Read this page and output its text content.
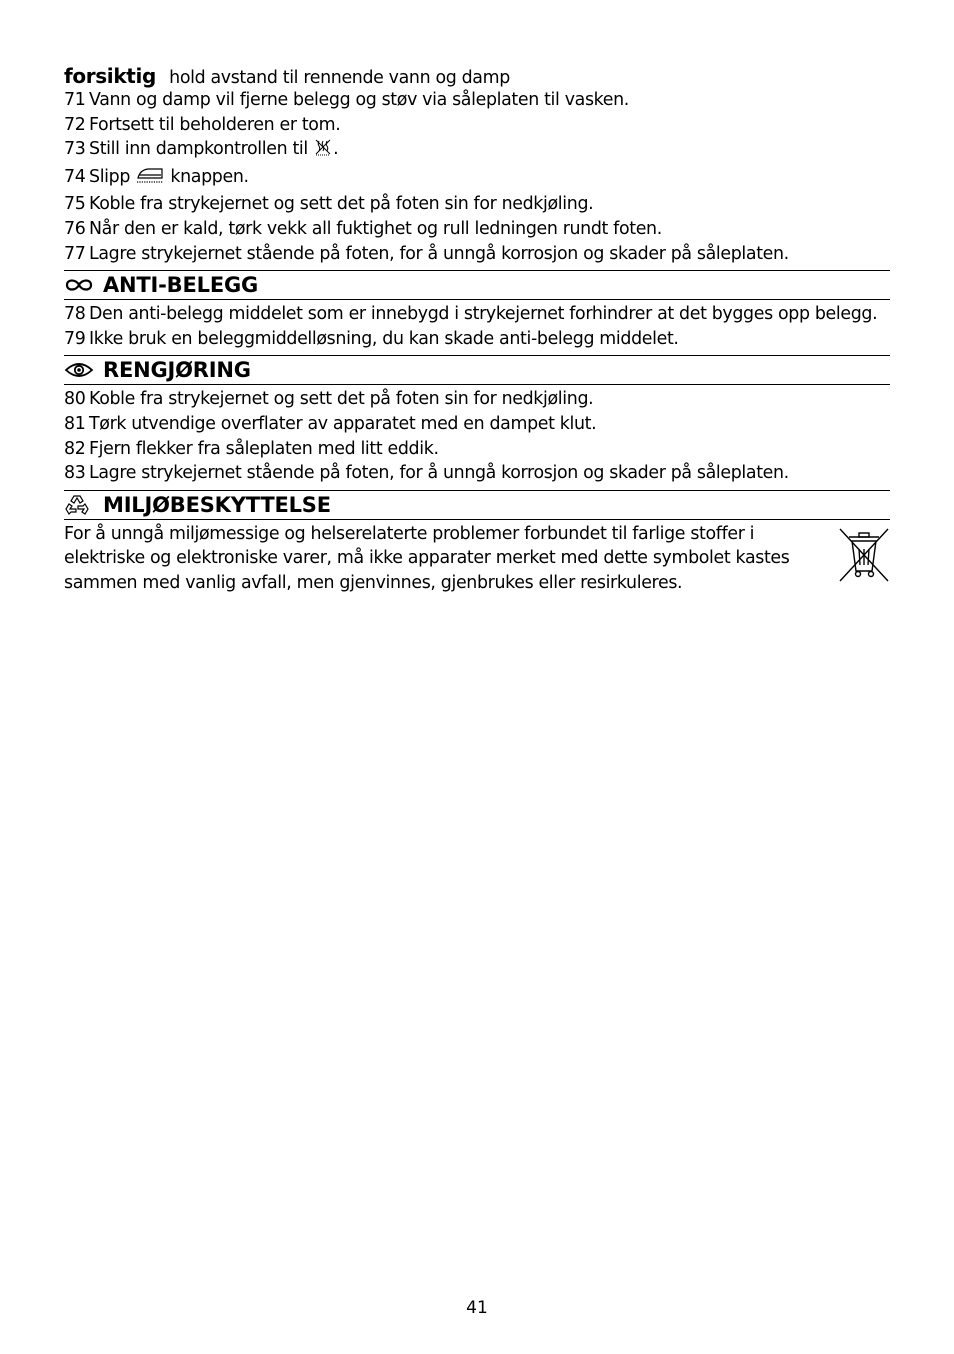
forsiktig hold avstand til rennende vann og damp
71 Vann og damp vil fjerne belegg og støv via såleplaten til vasken.
72 Fortsett til beholderen er tom.
73 Still inn dampkontrollen til .
74 Slipp  knappen.
75 Koble fra strykejernet og sett det på foten sin for nedkjøling.
76 Når den er kald, tørk vekk all fuktighet og rull ledningen rundt foten.
77 Lagre strykejernet stående på foten, for å unngå korrosjon og skader på såleplaten.
ANTI-BELEGG
78 Den anti-belegg middelet som er innebygd i strykejernet forhindrer at det bygges opp belegg.
79 Ikke bruk en beleggmiddelløsning, du kan skade anti-belegg middelet.
RENGJØRING
80 Koble fra strykejernet og sett det på foten sin for nedkjøling.
81 Tørk utvendige overflater av apparatet med en dampet klut.
82 Fjern flekker fra såleplaten med litt eddik.
83 Lagre strykejernet stående på foten, for å unngå korrosjon og skader på såleplaten.
MILJØBESKYTTELSE
For å unngå miljømessige og helserelaterte problemer forbundet til farlige stoffer i elektriske og elektroniske varer, må ikke apparater merket med dette symbolet kastes sammen med vanlig avfall, men gjenvinnes, gjenbrukes eller resirkuleres.
41
